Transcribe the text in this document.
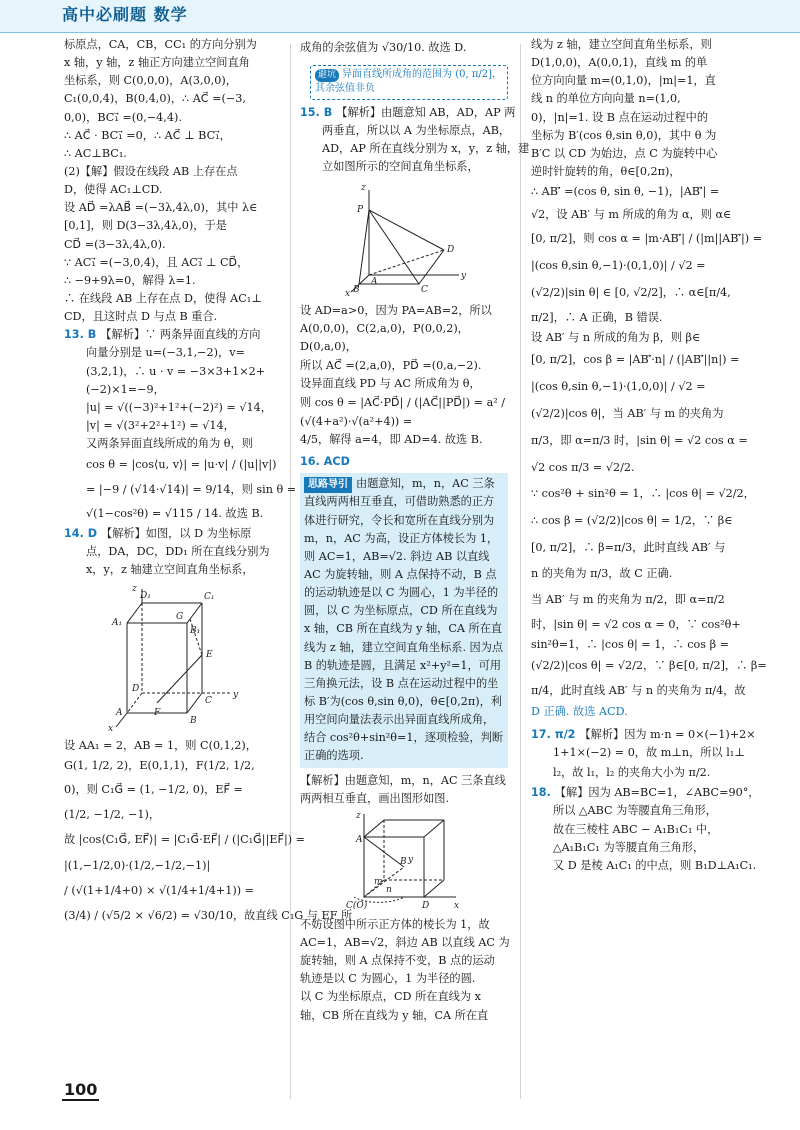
高中必刷题 数学
标原点，CA，CB，CC₁ 的方向分别为
x 轴，y 轴，z 轴正方向建立空间直角
坐标系，则 C(0,0,0)，A(3,0,0)，
C₁(0,0,4)，B(0,4,0)，∴ AC⃗ =(−3,
0,0)，BC₁⃗ =(0,−4,4).
∴ AC⃗ · BC₁⃗ =0，∴ AC⃗ ⊥ BC₁⃗，
∴ AC⊥BC₁.
(2)【解】假设在线段 AB 上存在点
D，使得 AC₁⊥CD.
设 AD⃗ =λAB⃗ =(−3λ,4λ,0)，其中 λ∈
[0,1]，则 D(3−3λ,4λ,0)，于是
CD⃗ =(3−3λ,4λ,0).
∵ AC₁⃗ =(−3,0,4)，且 AC₁⃗ ⊥ CD⃗，
∴ −9+9λ=0，解得 λ=1.
∴ 在线段 AB 上存在点 D，使得 AC₁⊥
CD，且这时点 D 与点 B 重合.
13. B 【解析】∵ 两条异面直线的方向
向量分别是 u=(−3,1,−2)，v=
(3,2,1)，∴ u · v = −3×3+1×2+
(−2)×1=−9，
|u| = √((−3)²+1²+(−2)²) = √14，
|v| = √(3²+2²+1²) = √14，
又两条异面直线所成的角为 θ，则
cos θ = |cos⟨u, v⟩| = |u·v| / (|u||v|)
= |−9 / (√14·√14)| = 9/14，则 sin θ =
√(1−cos²θ) = √115 / 14. 故选 B.
14. D 【解析】如图，以 D 为坐标原
点，DA，DC，DD₁ 所在直线分别为
x，y，z 轴建立空间直角坐标系，
D₁	C₁
A₁
B₁
E
G
D
C
A
B
F
x
y
z
设 AA₁ = 2，AB = 1，则 C(0,1,2)，
G(1, 1/2, 2)，E(0,1,1)，F(1/2, 1/2,
0)，则 C₁G⃗ = (1, −1/2, 0)，EF⃗ =
(1/2, −1/2, −1)，
故 |cos⟨C₁G⃗, EF⃗⟩| = |C₁G⃗·EF⃗| / (|C₁G⃗||EF⃗|) =
|(1,−1/2,0)·(1/2,−1/2,−1)|
/ (√(1+1/4+0) × √(1/4+1/4+1)) =
(3/4) / (√5/2 × √6/2) = √30/10，故直线 C₁G 与 EF 所
成角的余弦值为 √30/10. 故选 D.
避坑 异面直线所成角的范围为 (0, π/2]，其余弦值非负
15. B 【解析】由题意知 AB，AD，AP 两
两垂直，所以以 A 为坐标原点，AB，
AD，AP 所在直线分别为 x，y，z 轴，建
立如图所示的空间直角坐标系，
z
P
A
B	C
D
x
y
设 AD=a>0，因为 PA=AB=2，所以
A(0,0,0)，C(2,a,0)，P(0,0,2)，
D(0,a,0)，
所以 AC⃗ =(2,a,0)，PD⃗ =(0,a,−2).
设异面直线 PD 与 AC 所成角为 θ，
则 cos θ = |AC⃗·PD⃗| / (|AC⃗||PD⃗|) = a² / (√(4+a²)·√(a²+4)) =
4/5，解得 a=4，即 AD=4. 故选 B.
16. ACD
思路导引 由题意知，m，n，AC 三条直线两两相互垂直，可借助熟悉的正方体进行研究，令长和宽所在直线分别为 m，n，AC 为高，设正方体棱长为 1，则 AC=1，AB=√2. 斜边 AB 以直线 AC 为旋转轴，则 A 点保持不动，B 点的运动轨迹是以 C 为圆心，1 为半径的圆，以 C 为坐标原点，CD 所在直线为 x 轴，CB 所在直线为 y 轴，CA 所在直线为 z 轴，建立空间直角坐标系. 因为点 B 的轨迹是圆，且满足 x²+y²=1，可用三角换元法，设 B 点在运动过程中的坐标 B′为(cos θ,sin θ,0)，θ∈[0,2π)，利用空间向量法表示出异面直线所成角，结合 cos²θ+sin²θ=1，逐项检验，判断正确的选项.
【解析】由题意知，m，n，AC 三条直线
两两相互垂直，画出图形如图.
z
A
B y
m
n
C(O)	D	x
不妨设图中所示正方体的棱长为 1，故
AC=1，AB=√2，斜边 AB 以直线 AC 为
旋转轴，则 A 点保持不变，B 点的运动
轨迹是以 C 为圆心，1 为半径的圆.
以 C 为坐标原点，CD 所在直线为 x
轴，CB 所在直线为 y 轴，CA 所在直
线为 z 轴，建立空间直角坐标系，则
D(1,0,0)，A(0,0,1)，直线 m 的单
位方向向量 m=(0,1,0)，|m|=1，直
线 n 的单位方向向量 n=(1,0,
0)，|n|=1. 设 B 点在运动过程中的
坐标为 B′(cos θ,sin θ,0)，其中 θ 为
B′C 以 CD 为始边，点 C 为旋转中心
逆时针旋转的角，θ∈[0,2π)，
∴ AB′⃗ =(cos θ, sin θ, −1)，|AB′⃗| =
√2，设 AB′ 与 m 所成的角为 α，则 α∈
[0, π/2]，则 cos α = |m·AB′⃗| / (|m||AB′⃗|) =
|(cos θ,sin θ,−1)·(0,1,0)| / √2 =
(√2/2)|sin θ| ∈ [0, √2/2]，∴ α∈[π/4,
π/2]，∴ A 正确，B 错误.
设 AB′ 与 n 所成的角为 β，则 β∈
[0, π/2]，cos β = |AB′⃗·n| / (|AB′⃗||n|) =
|(cos θ,sin θ,−1)·(1,0,0)| / √2 =
(√2/2)|cos θ|，当 AB′ 与 m 的夹角为
π/3，即 α=π/3 时，|sin θ| = √2 cos α =
√2 cos π/3 = √2/2.
∵ cos²θ + sin²θ = 1，∴ |cos θ| = √2/2，
∴ cos β = (√2/2)|cos θ| = 1/2，∵ β∈
[0, π/2]，∴ β=π/3，此时直线 AB′ 与
n 的夹角为 π/3，故 C 正确.
当 AB′ 与 m 的夹角为 π/2，即 α=π/2
时，|sin θ| = √2 cos α = 0，∵ cos²θ+
sin²θ=1，∴ |cos θ| = 1，∴ cos β =
(√2/2)|cos θ| = √2/2，∵ β∈[0, π/2]，∴ β=
π/4，此时直线 AB′ 与 n 的夹角为 π/4，故
D 正确. 故选 ACD.
17. π/2 【解析】因为 m·n = 0×(−1)+2×
1+1×(−2) = 0，故 m⊥n，所以 l₁⊥
l₂，故 l₁，l₂ 的夹角大小为 π/2.
18. 【解】因为 AB=BC=1，∠ABC=90°，
所以 △ABC 为等腰直角三角形，
故在三棱柱 ABC − A₁B₁C₁ 中，
△A₁B₁C₁ 为等腰直角三角形，
又 D 是棱 A₁C₁ 的中点，则 B₁D⊥A₁C₁.
100
